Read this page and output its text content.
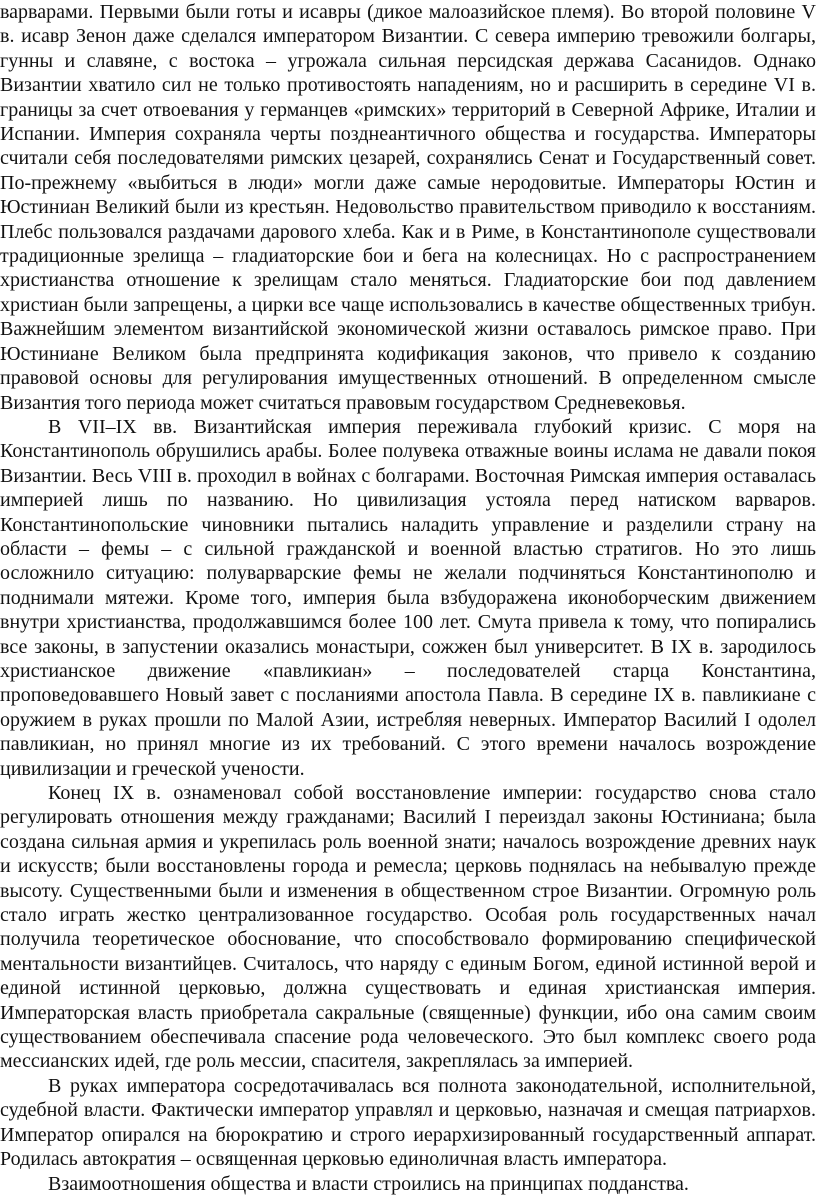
варварами. Первыми были готы и исавры (дикое малоазийское племя). Во второй половине V в. исавр Зенон даже сделался императором Византии. С севера империю тревожили болгары, гунны и славяне, с востока – угрожала сильная персидская держава Сасанидов. Однако Византии хватило сил не только противостоять нападениям, но и расширить в середине VI в. границы за счет отвоевания у германцев «римских» территорий в Северной Африке, Италии и Испании. Империя сохраняла черты позднеантичного общества и государства. Императоры считали себя последователями римских цезарей, сохранялись Сенат и Государственный совет. По-прежнему «выбиться в люди» могли даже самые неродовитые. Императоры Юстин и Юстиниан Великий были из крестьян. Недовольство правительством приводило к восстаниям. Плебс пользовался раздачами дарового хлеба. Как и в Риме, в Константинополе существовали традиционные зрелища – гладиаторские бои и бега на колесницах. Но с распространением христианства отношение к зрелищам стало меняться. Гладиаторские бои под давлением христиан были запрещены, а цирки все чаще использовались в качестве общественных трибун. Важнейшим элементом византийской экономической жизни оставалось римское право. При Юстиниане Великом была предпринята кодификация законов, что привело к созданию правовой основы для регулирования имущественных отношений. В определенном смысле Византия того периода может считаться правовым государством Средневековья.

В VII–IX вв. Византийская империя переживала глубокий кризис. С моря на Константинополь обрушились арабы. Более полувека отважные воины ислама не давали покоя Византии. Весь VIII в. проходил в войнах с болгарами. Восточная Римская империя оставалась империей лишь по названию. Но цивилизация устояла перед натиском варваров. Константинопольские чиновники пытались наладить управление и разделили страну на области – фемы – с сильной гражданской и военной властью стратигов. Но это лишь осложнило ситуацию: полуварварские фемы не желали подчиняться Константинополю и поднимали мятежи. Кроме того, империя была взбудоражена иконоборческим движением внутри христианства, продолжавшимся более 100 лет. Смута привела к тому, что попирались все законы, в запустении оказались монастыри, сожжен был университет. В IX в. зародилось христианское движение «павликиан» – последователей старца Константина, проповедовавшего Новый завет с посланиями апостола Павла. В середине IX в. павликиане с оружием в руках прошли по Малой Азии, истребляя неверных. Император Василий I одолел павликиан, но принял многие из их требований. С этого времени началось возрождение цивилизации и греческой учености.

Конец IX в. ознаменовал собой восстановление империи: государство снова стало регулировать отношения между гражданами; Василий I переиздал законы Юстиниана; была создана сильная армия и укрепилась роль военной знати; началось возрождение древних наук и искусств; были восстановлены города и ремесла; церковь поднялась на небывалую прежде высоту. Существенными были и изменения в общественном строе Византии. Огромную роль стало играть жестко централизованное государство. Особая роль государственных начал получила теоретическое обоснование, что способствовало формированию специфической ментальности византийцев. Считалось, что наряду с единым Богом, единой истинной верой и единой истинной церковью, должна существовать и единая христианская империя. Императорская власть приобретала сакральные (священные) функции, ибо она самим своим существованием обеспечивала спасение рода человеческого. Это был комплекс своего рода мессианских идей, где роль мессии, спасителя, закреплялась за империей.

В руках императора сосредотачивалась вся полнота законодательной, исполнительной, судебной власти. Фактически император управлял и церковью, назначая и смещая патриархов. Император опирался на бюрократию и строго иерархизированный государственный аппарат. Родилась автократия – освященная церковью единоличная власть императора.

Взаимоотношения общества и власти строились на принципах подданства.
